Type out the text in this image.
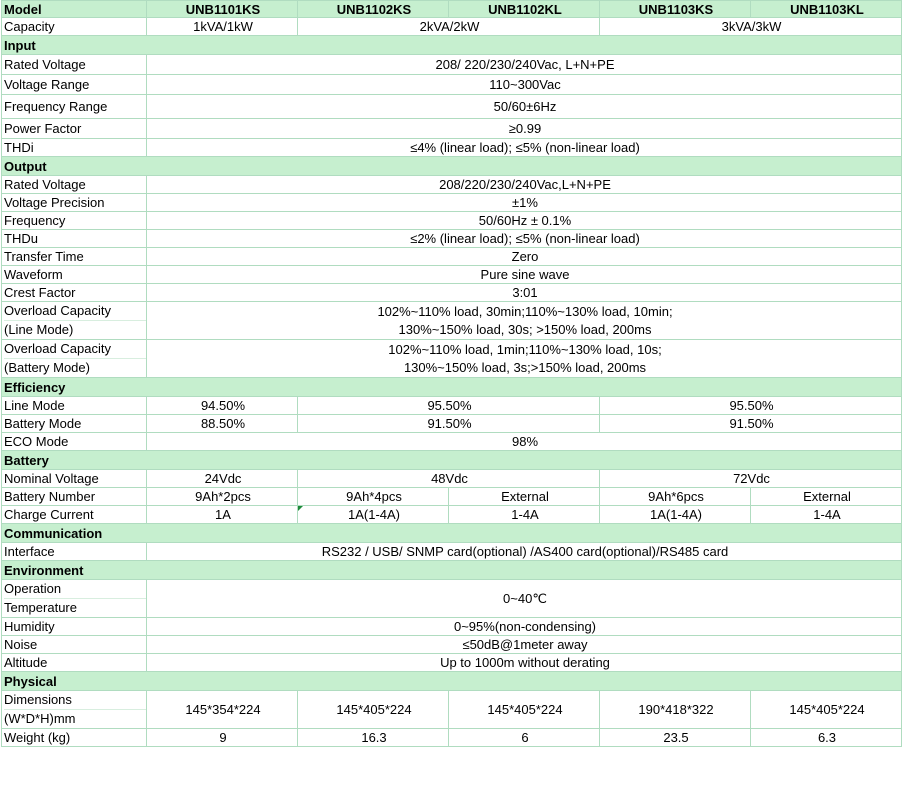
Model	UNB1101KS	UNB1102KS	UNB1102KL	UNB1103KS	UNB1103KL
Capacity	1kVA/1kW	2kVA/2kW		3kVA/3kW	
Input					
Rated Voltage	208/ 220/230/240Vac, L+N+PE				
Voltage Range	110~300Vac				
Frequency Range	50/60±6Hz				
Power Factor	≥0.99				
THDi	≤4% (linear load); ≤5% (non-linear load)				
Output					
Rated Voltage	208/220/230/240Vac,L+N+PE				
Voltage Precision	±1%				
Frequency	50/60Hz ± 0.1%				
THDu	≤2% (linear load); ≤5% (non-linear load)				
Transfer Time	Zero				
Waveform	Pure sine wave				
Crest Factor	3:01				

Overload Capacity
(Line Mode)	102%~110% load, 30min;110%~130% load, 10min;
130%~150% load, 30s; >150% load, 200ms				

Overload Capacity
(Battery Mode)	102%~110% load, 1min;110%~130% load, 10s;
130%~150% load, 3s;>150% load, 200ms				

Efficiency					
Line Mode	94.50%	95.50%		95.50%	
Battery Mode	88.50%	91.50%		91.50%	
ECO Mode	98%				
Battery					
Nominal Voltage	24Vdc	48Vdc		72Vdc	
Battery Number	9Ah*2pcs	9Ah*4pcs	External	9Ah*6pcs	External
Charge Current	1A	1A(1-4A)	1-4A	1A(1-4A)	1-4A
Communication					
Interface	RS232 / USB/ SNMP card(optional) /AS400 card(optional)/RS485 card				
Environment					

Operation
Temperature	0~40℃				
Humidity	0~95%(non-condensing)				
Noise	≤50dB@1meter away				
Altitude	Up to 1000m without derating				
Physical					

Dimensions
(W*D*H)mm	145*354*224	145*405*224	145*405*224	190*418*322	145*405*224
Weight (kg)	9	16.3	6	23.5	6.3
